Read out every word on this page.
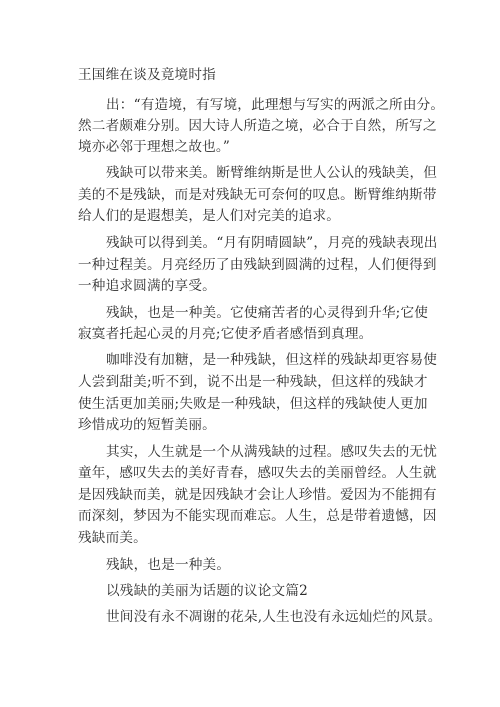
王国维在谈及竟境时指
出：“有造境，有写境，此理想与写实的两派之所由分。
然二者颇难分别。因大诗人所造之境，必合于自然，所写之
境亦必邻于理想之故也。”
残缺可以带来美。断臂维纳斯是世人公认的残缺美，但
美的不是残缺，而是对残缺无可奈何的叹息。断臂维纳斯带
给人们的是遐想美，是人们对完美的追求。
残缺可以得到美。“月有阴晴圆缺”，月亮的残缺表现出
一种过程美。月亮经历了由残缺到圆满的过程，人们便得到
一种追求圆满的享受。
残缺，也是一种美。它使痛苦者的心灵得到升华;它使
寂寞者托起心灵的月亮;它使矛盾者感悟到真理。
咖啡没有加糖，是一种残缺，但这样的残缺却更容易使
人尝到甜美;听不到，说不出是一种残缺，但这样的残缺才
使生活更加美丽;失败是一种残缺，但这样的残缺使人更加
珍惜成功的短暂美丽。
其实，人生就是一个从满残缺的过程。感叹失去的无忧
童年，感叹失去的美好青春，感叹失去的美丽曾经。人生就
是因残缺而美，就是因残缺才会让人珍惜。爱因为不能拥有
而深刻，梦因为不能实现而难忘。人生，总是带着遗憾，因
残缺而美。
残缺，也是一种美。
以残缺的美丽为话题的议论文篇2
世间没有永不凋谢的花朵,人生也没有永远灿烂的风景。
